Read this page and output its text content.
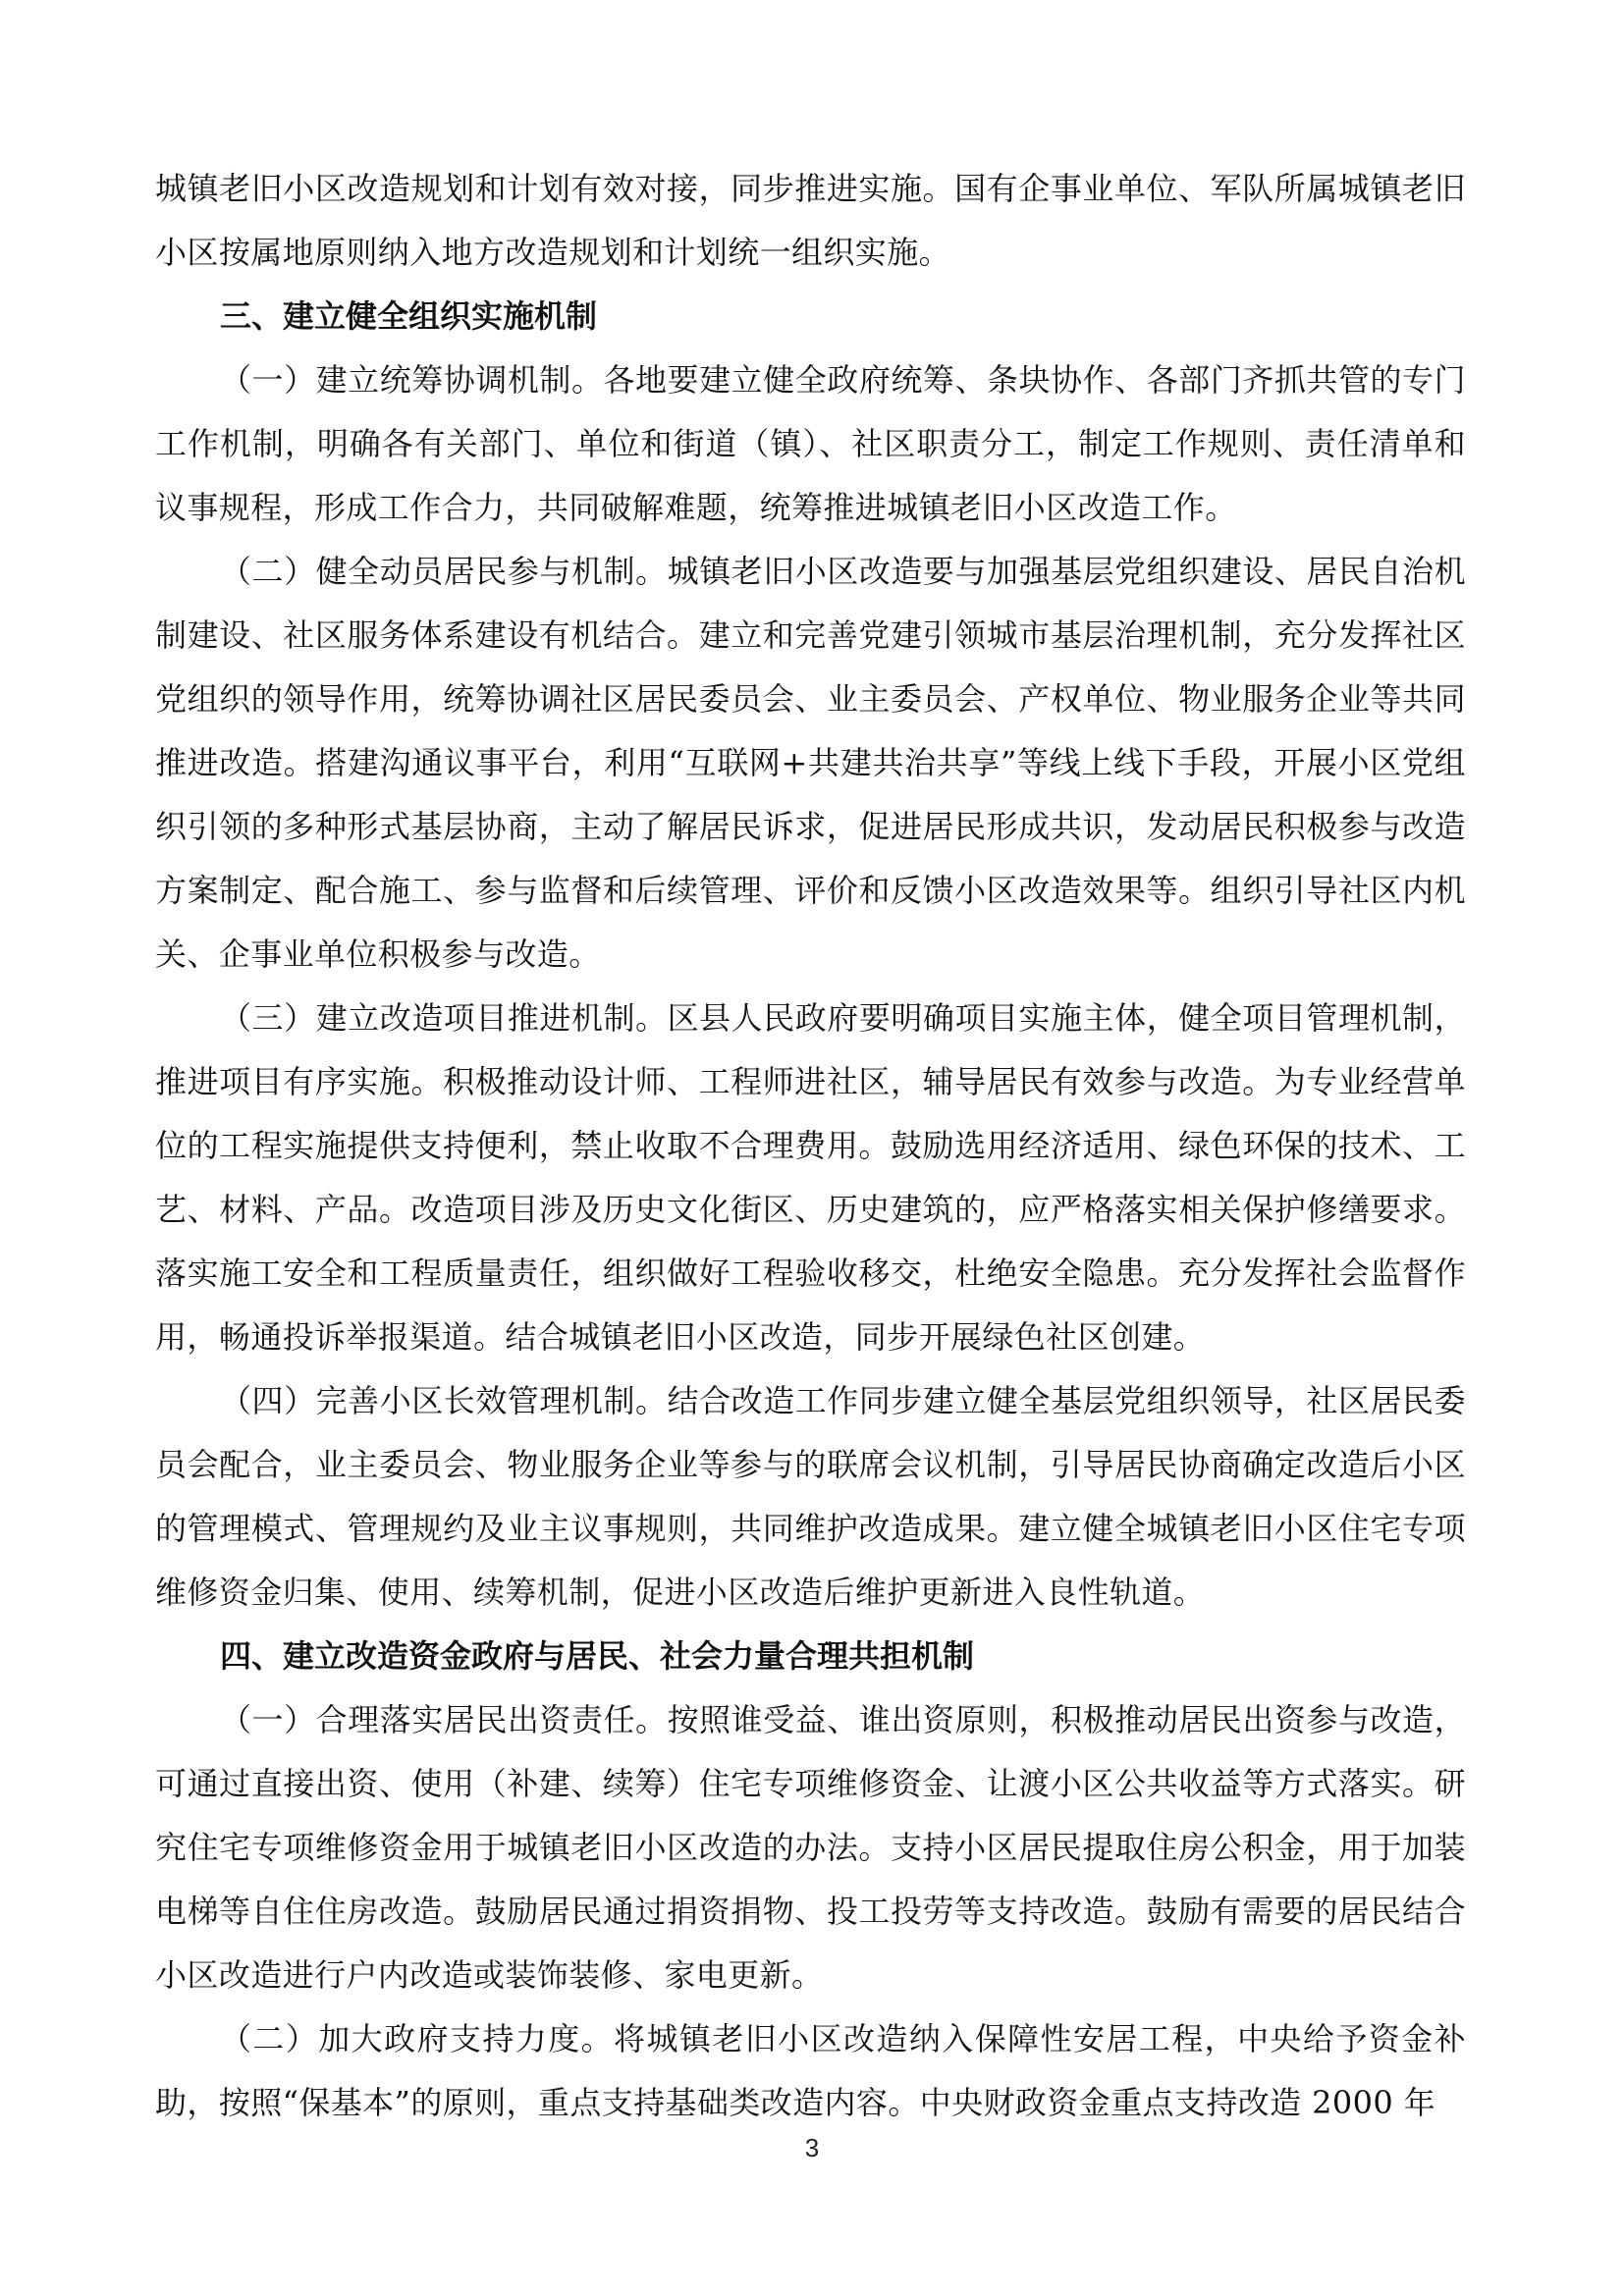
城镇老旧小区改造规划和计划有效对接，同步推进实施。国有企事业单位、军队所属城镇老旧小区按属地原则纳入地方改造规划和计划统一组织实施。

三、建立健全组织实施机制

（一）建立统筹协调机制。各地要建立健全政府统筹、条块协作、各部门齐抓共管的专门工作机制，明确各有关部门、单位和街道（镇）、社区职责分工，制定工作规则、责任清单和议事规程，形成工作合力，共同破解难题，统筹推进城镇老旧小区改造工作。

（二）健全动员居民参与机制。城镇老旧小区改造要与加强基层党组织建设、居民自治机制建设、社区服务体系建设有机结合。建立和完善党建引领城市基层治理机制，充分发挥社区党组织的领导作用，统筹协调社区居民委员会、业主委员会、产权单位、物业服务企业等共同推进改造。搭建沟通议事平台，利用“互联网+共建共治共享”等线上线下手段，开展小区党组织引领的多种形式基层协商，主动了解居民诉求，促进居民形成共识，发动居民积极参与改造方案制定、配合施工、参与监督和后续管理、评价和反馈小区改造效果等。组织引导社区内机关、企事业单位积极参与改造。

（三）建立改造项目推进机制。区县人民政府要明确项目实施主体，健全项目管理机制，推进项目有序实施。积极推动设计师、工程师进社区，辅导居民有效参与改造。为专业经营单位的工程实施提供支持便利，禁止收取不合理费用。鼓励选用经济适用、绿色环保的技术、工艺、材料、产品。改造项目涉及历史文化街区、历史建筑的，应严格落实相关保护修缮要求。落实施工安全和工程质量责任，组织做好工程验收移交，杜绝安全隐患。充分发挥社会监督作用，畅通投诉举报渠道。结合城镇老旧小区改造，同步开展绿色社区创建。

（四）完善小区长效管理机制。结合改造工作同步建立健全基层党组织领导，社区居民委员会配合，业主委员会、物业服务企业等参与的联席会议机制，引导居民协商确定改造后小区的管理模式、管理规约及业主议事规则，共同维护改造成果。建立健全城镇老旧小区住宅专项维修资金归集、使用、续筹机制，促进小区改造后维护更新进入良性轨道。

四、建立改造资金政府与居民、社会力量合理共担机制

（一）合理落实居民出资责任。按照谁受益、谁出资原则，积极推动居民出资参与改造，可通过直接出资、使用（补建、续筹）住宅专项维修资金、让渡小区公共收益等方式落实。研究住宅专项维修资金用于城镇老旧小区改造的办法。支持小区居民提取住房公积金，用于加装电梯等自住住房改造。鼓励居民通过捐资捐物、投工投劳等支持改造。鼓励有需要的居民结合小区改造进行户内改造或装饰装修、家电更新。

（二）加大政府支持力度。将城镇老旧小区改造纳入保障性安居工程，中央给予资金补助，按照“保基本”的原则，重点支持基础类改造内容。中央财政资金重点支持改造 2000 年

3
